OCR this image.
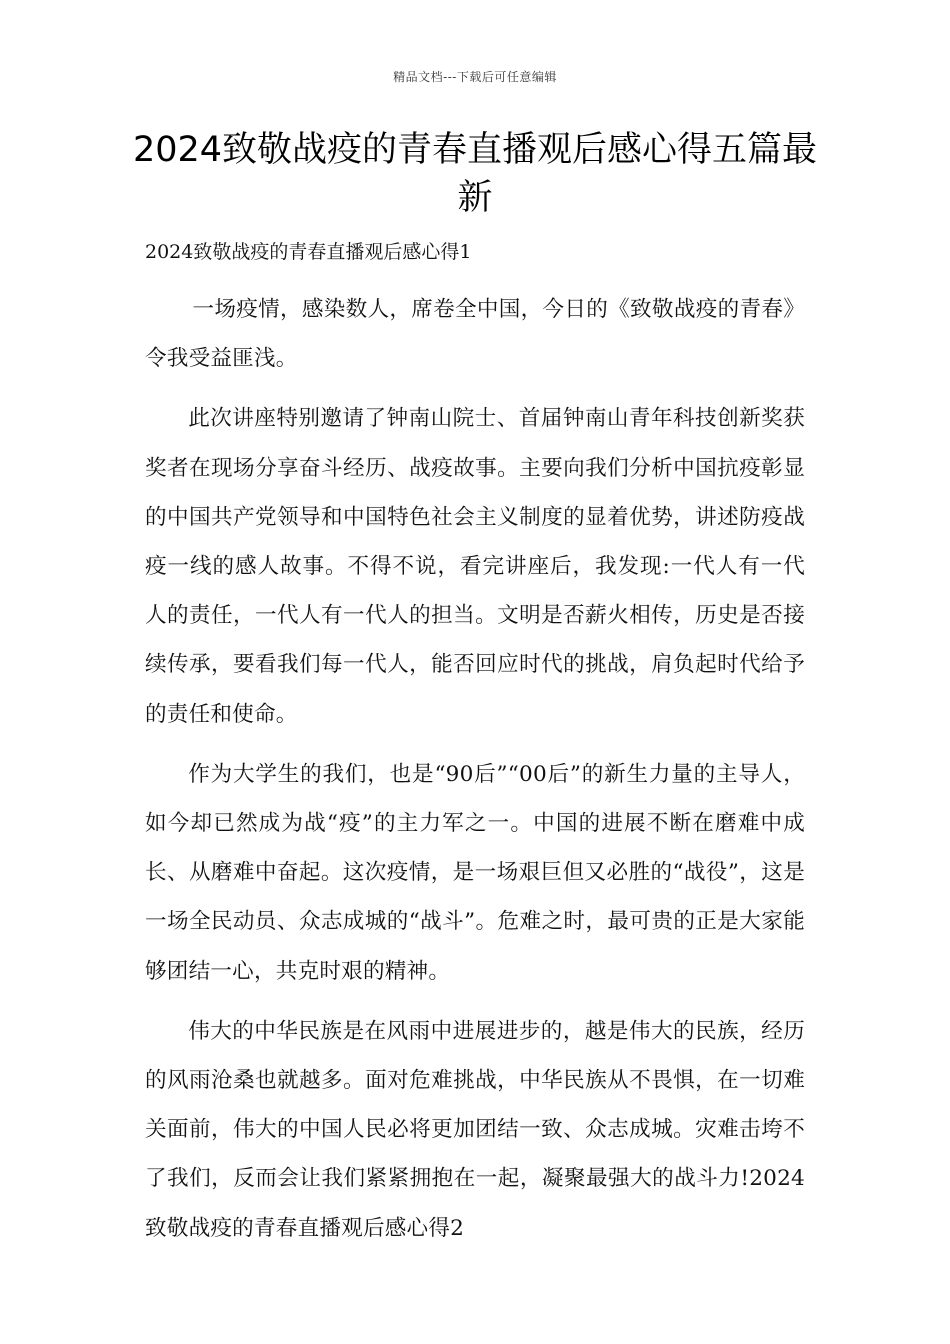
精品文档---下载后可任意编辑
2024致敬战疫的青春直播观后感心得五篇最新

2024致敬战疫的青春直播观后感心得1

一场疫情，感染数人，席卷全中国，今日的《致敬战疫的青春》令我受益匪浅。

此次讲座特别邀请了钟南山院士、首届钟南山青年科技创新奖获奖者在现场分享奋斗经历、战疫故事。主要向我们分析中国抗疫彰显的中国共产党领导和中国特色社会主义制度的显着优势，讲述防疫战疫一线的感人故事。不得不说，看完讲座后，我发现:一代人有一代人的责任，一代人有一代人的担当。文明是否薪火相传，历史是否接续传承，要看我们每一代人，能否回应时代的挑战，肩负起时代给予的责任和使命。

作为大学生的我们，也是“90后”“00后”的新生力量的主导人，如今却已然成为战“疫”的主力军之一。中国的进展不断在磨难中成长、从磨难中奋起。这次疫情，是一场艰巨但又必胜的“战役”，这是一场全民动员、众志成城的“战斗”。危难之时，最可贵的正是大家能够团结一心，共克时艰的精神。

伟大的中华民族是在风雨中进展进步的，越是伟大的民族，经历的风雨沧桑也就越多。面对危难挑战，中华民族从不畏惧，在一切难关面前，伟大的中国人民必将更加团结一致、众志成城。灾难击垮不了我们，反而会让我们紧紧拥抱在一起，凝聚最强大的战斗力!2024致敬战疫的青春直播观后感心得2
